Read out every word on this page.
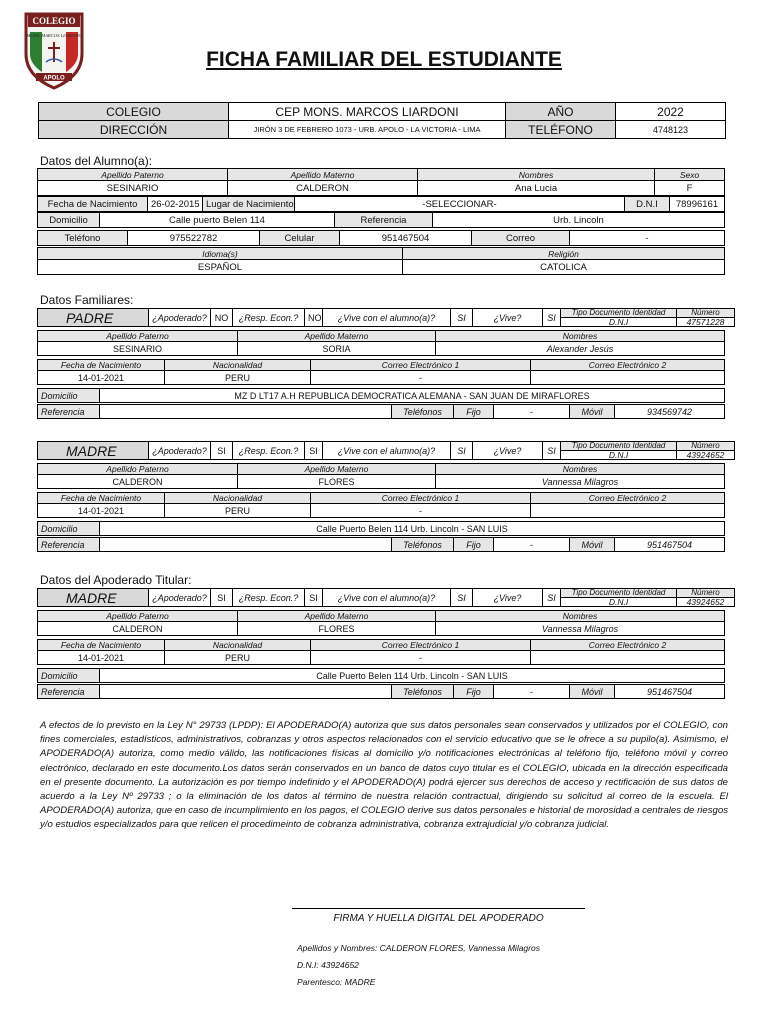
COLEGIO
MONS. MARCOS LIARDONI
APOLO
FICHA FAMILIAR DEL ESTUDIANTE
COLEGIO	CEP MONS. MARCOS LIARDONI	AÑO	2022
DIRECCIÓN	JIRÓN 3 DE FEBRERO 1073 - URB. APOLO - LA VICTORIA - LIMA	TELÉFONO	4748123
Datos del Alumno(a):
Apellido Paterno	Apellido Materno	Nombres	Sexo
SESINARIO	CALDERON	Ana Lucia	F
Fecha de Nacimiento	26-02-2015	Lugar de Nacimiento	-SELECCIONAR-	D.N.I	78996161
Domicilio	Calle puerto Belen 114	Referencia	Urb. Lincoln
Teléfono	975522782	Celular	951467504	Correo	-
Idioma(s)	Religión
ESPAÑOL	CATOLICA
Datos Familiares:
PADRE	¿Apoderado?	NO	¿Resp. Econ.?	NO	¿Vive con el alumno(a)?	SI	¿Vive?	SI	Tipo Documento Identidad	Número
									D.N.I	47571228
Apellido Paterno	Apellido Materno	Nombres
SESINARIO	SORIA	Alexander Jesús
Fecha de Nacimiento	Nacionalidad	Correo Electrónico 1	Correo Electrónico 2
14-01-2021	PERU	-	
Domicilio	MZ D LT17 A.H REPUBLICA DEMOCRATICA ALEMANA - SAN JUAN DE MIRAFLORES
Referencia		Teléfonos	Fijo	-	Móvil	934569742
MADRE	¿Apoderado?	SI	¿Resp. Econ.?	SI	¿Vive con el alumno(a)?	SI	¿Vive?	SI	Tipo Documento Identidad	Número
									D.N.I	43924652
Apellido Paterno	Apellido Materno	Nombres
CALDERON	FLORES	Vannessa Milagros
Fecha de Nacimiento	Nacionalidad	Correo Electrónico 1	Correo Electrónico 2
14-01-2021	PERU	-	
Domicilio	Calle Puerto Belen 114 Urb. Lincoln - SAN LUIS
Referencia		Teléfonos	Fijo	-	Móvil	951467504
Datos del Apoderado Titular:
MADRE	¿Apoderado?	SI	¿Resp. Econ.?	SI	¿Vive con el alumno(a)?	SI	¿Vive?	SI	Tipo Documento Identidad	Número
									D.N.I	43924652
Apellido Paterno	Apellido Materno	Nombres
CALDERON	FLORES	Vannessa Milagros
Fecha de Nacimiento	Nacionalidad	Correo Electrónico 1	Correo Electrónico 2
14-01-2021	PERU	-	
Domicilio	Calle Puerto Belen 114 Urb. Lincoln - SAN LUIS
Referencia		Teléfonos	Fijo	-	Móvil	951467504
A efectos de lo previsto en la Ley N° 29733 (LPDP): El APODERADO(A) autoriza que sus datos personales sean conservados y utilizados por el COLEGIO, con fines comerciales, estadísticos, administrativos, cobranzas y otros aspectos relacionados con el servicio educativo que se le ofrece a su pupilo(a). Asimismo, el APODERADO(A) autoriza, como medio válido, las notificaciones físicas al domicilio y/o notificaciones electrónicas al teléfono fijo, teléfono móvil y correo electrónico, declarado en este documento.Los datos serán conservados en un banco de datos cuyo titular es el COLEGIO, ubicada en la dirección especificada en el presente documento. La autorización es por tiempo indefinido y el APODERADO(A) podrá ejercer sus derechos de acceso y rectificación de sus datos de acuerdo a la Ley Nº 29733 ; o la eliminación de los datos al término de nuestra relación contractual, dirigiendo su solicitud al correo de la escuela. El APODERADO(A) autoriza, que en caso de incumplimiento en los pagos, el COLEGIO derive sus datos personales e historial de morosidad a centrales de riesgos y/o estudios especializados para que relicen el procedimeinto de cobranza administrativa, cobranza extrajudicial y/o cobranza judicial.
FIRMA Y HUELLA DIGITAL DEL APODERADO
Apellidos y Nombres: CALDERON FLORES, Vannessa Milagros
D.N.I: 43924652
Parentesco: MADRE
